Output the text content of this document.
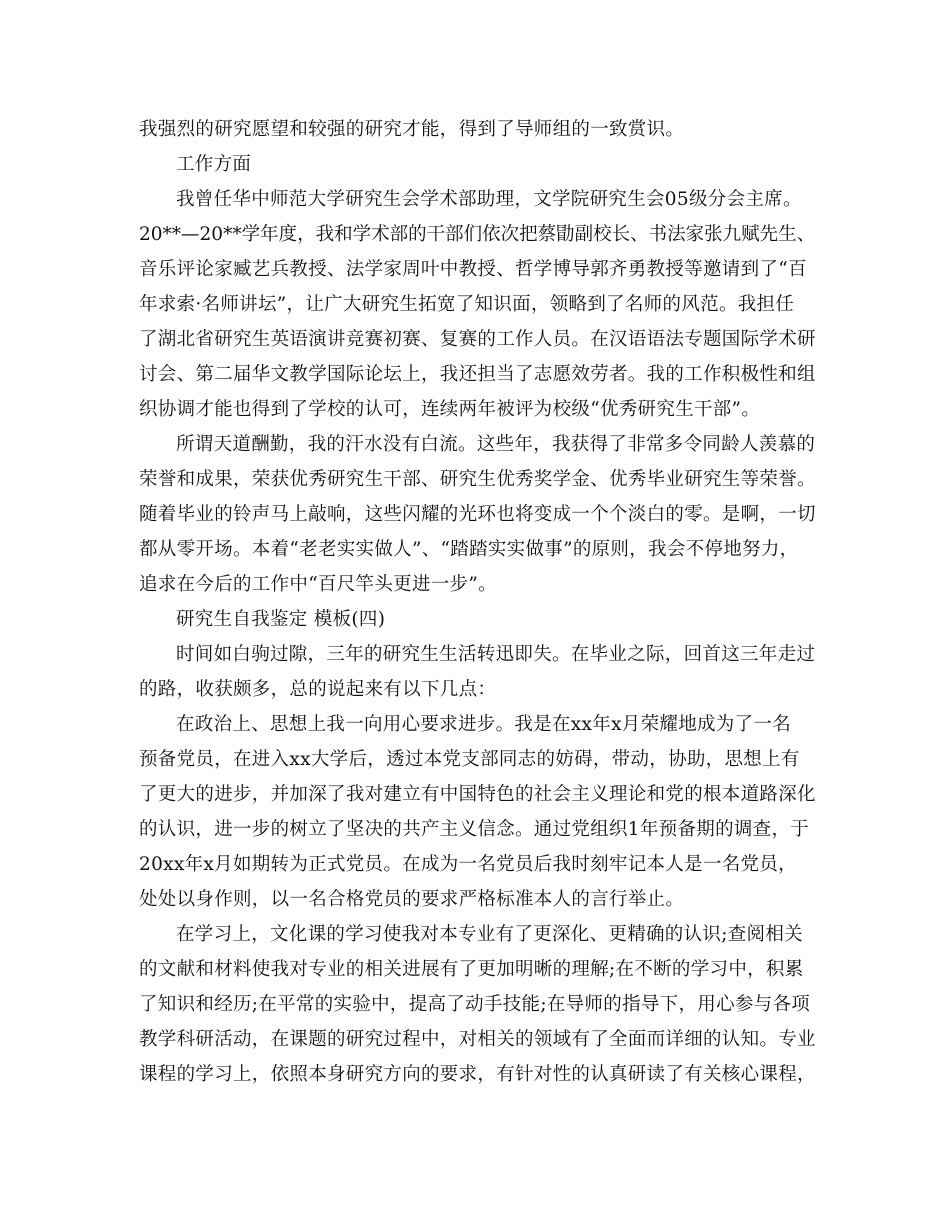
我强烈的研究愿望和较强的研究才能，得到了导师组的一致赏识。
工作方面
我曾任华中师范大学研究生会学术部助理，文学院研究生会05级分会主席。
20**—20**学年度，我和学术部的干部们依次把蔡勖副校长、书法家张九赋先生、
音乐评论家臧艺兵教授、法学家周叶中教授、哲学博导郭齐勇教授等邀请到了“百
年求索·名师讲坛”，让广大研究生拓宽了知识面，领略到了名师的风范。我担任
了湖北省研究生英语演讲竞赛初赛、复赛的工作人员。在汉语语法专题国际学术研
讨会、第二届华文教学国际论坛上，我还担当了志愿效劳者。我的工作积极性和组
织协调才能也得到了学校的认可，连续两年被评为校级“优秀研究生干部”。
所谓天道酬勤，我的汗水没有白流。这些年，我获得了非常多令同龄人羡慕的
荣誉和成果，荣获优秀研究生干部、研究生优秀奖学金、优秀毕业研究生等荣誉。
随着毕业的铃声马上敲响，这些闪耀的光环也将变成一个个淡白的零。是啊，一切
都从零开场。本着“老老实实做人”、“踏踏实实做事”的原则，我会不停地努力，
追求在今后的工作中“百尺竿头更进一步”。
研究生自我鉴定 模板(四)
时间如白驹过隙，三年的研究生生活转迅即失。在毕业之际，回首这三年走过
的路，收获颇多，总的说起来有以下几点：
在政治上、思想上我一向用心要求进步。我是在xx年x月荣耀地成为了一名
预备党员，在进入xx大学后，透过本党支部同志的妨碍，带动，协助，思想上有
了更大的进步，并加深了我对建立有中国特色的社会主义理论和党的根本道路深化
的认识，进一步的树立了坚决的共产主义信念。通过党组织1年预备期的调查，于
20xx年x月如期转为正式党员。在成为一名党员后我时刻牢记本人是一名党员，
处处以身作则，以一名合格党员的要求严格标准本人的言行举止。
在学习上，文化课的学习使我对本专业有了更深化、更精确的认识;查阅相关
的文献和材料使我对专业的相关进展有了更加明晰的理解;在不断的学习中，积累
了知识和经历;在平常的实验中，提高了动手技能;在导师的指导下，用心参与各项
教学科研活动，在课题的研究过程中，对相关的领域有了全面而详细的认知。专业
课程的学习上，依照本身研究方向的要求，有针对性的认真研读了有关核心课程，
